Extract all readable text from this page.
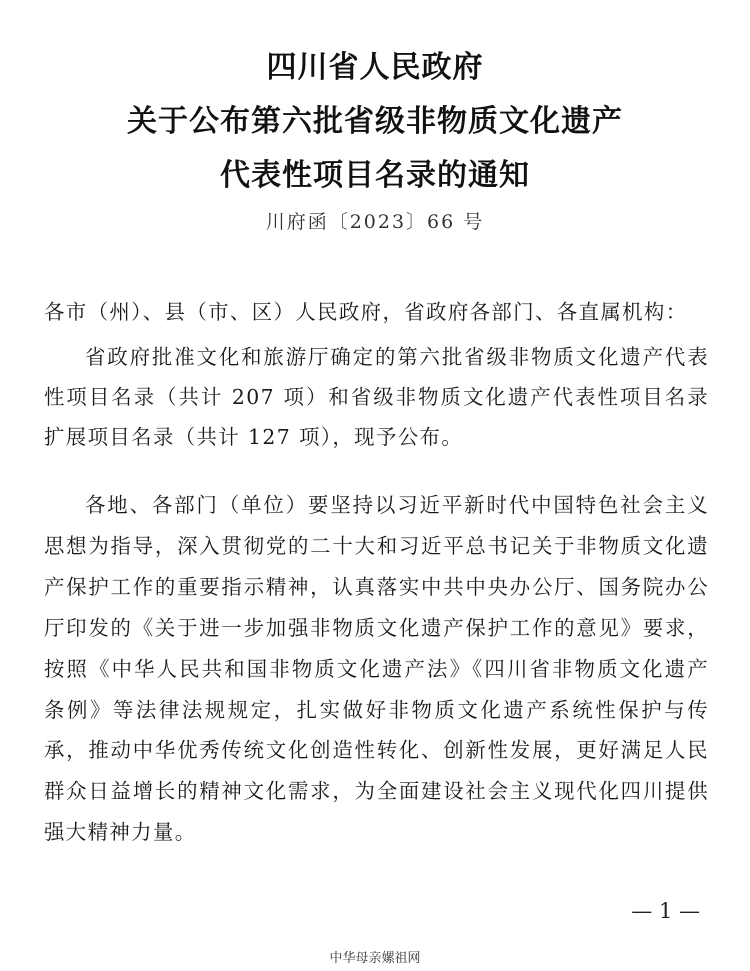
四川省人民政府
关于公布第六批省级非物质文化遗产
代表性项目名录的通知
川府函〔2023〕66 号
各市（州）、县（市、区）人民政府，省政府各部门、各直属机构：
省政府批准文化和旅游厅确定的第六批省级非物质文化遗产代表性项目名录（共计 207 项）和省级非物质文化遗产代表性项目名录扩展项目名录（共计 127 项），现予公布。
各地、各部门（单位）要坚持以习近平新时代中国特色社会主义思想为指导，深入贯彻党的二十大和习近平总书记关于非物质文化遗产保护工作的重要指示精神，认真落实中共中央办公厅、国务院办公厅印发的《关于进一步加强非物质文化遗产保护工作的意见》要求，按照《中华人民共和国非物质文化遗产法》《四川省非物质文化遗产条例》等法律法规规定，扎实做好非物质文化遗产系统性保护与传承，推动中华优秀传统文化创造性转化、创新性发展，更好满足人民群众日益增长的精神文化需求，为全面建设社会主义现代化四川提供强大精神力量。
— 1 —
中华母亲嫘祖网
